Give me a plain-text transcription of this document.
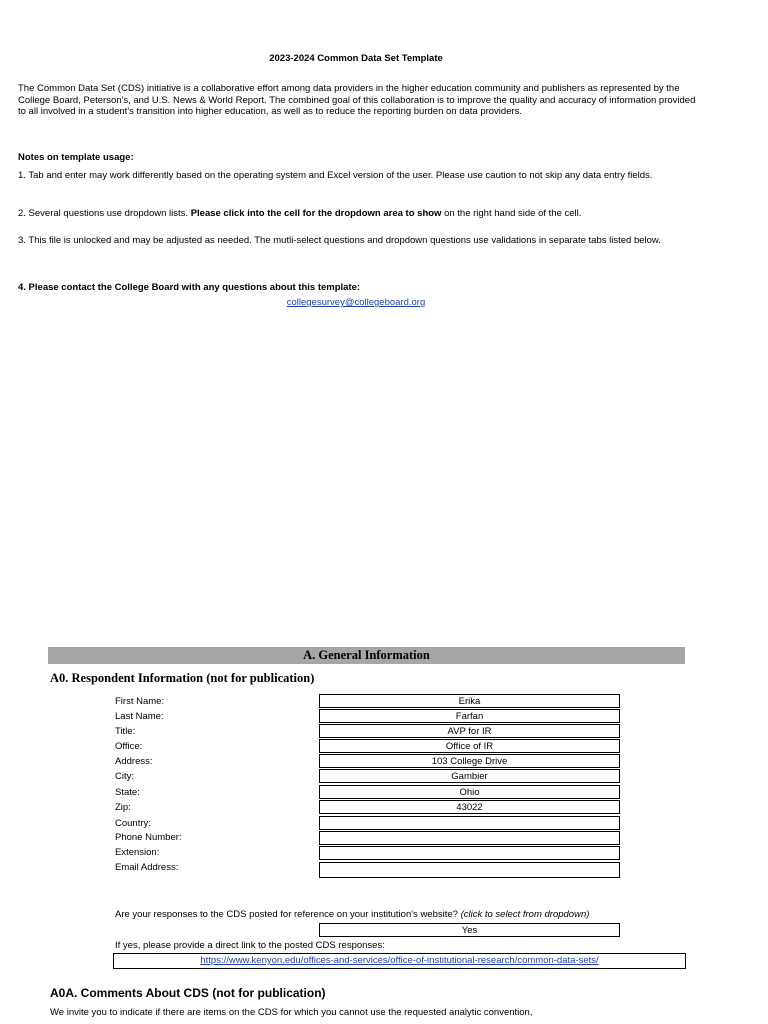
2023-2024 Common Data Set Template
The Common Data Set (CDS) initiative is a collaborative effort among data providers in the higher education community and publishers as represented by the College Board, Peterson's, and U.S. News & World Report. The combined goal of this collaboration is to improve the quality and accuracy of information provided to all involved in a student's transition into higher education, as well as to reduce the reporting burden on data providers.
Notes on template usage:
1. Tab and enter may work differently based on the operating system and Excel version of the user. Please use caution to not skip any data entry fields.
2. Several questions use dropdown lists. Please click into the cell for the dropdown area to show on the right hand side of the cell.
3. This file is unlocked and may be adjusted as needed. The mutli-select questions and dropdown questions use validations in separate tabs listed below.
4. Please contact the College Board with any questions about this template:
collegesurvey@collegeboard.org
A. General Information
A0. Respondent Information (not for publication)
First Name:	Erika
Last Name:	Farfan
Title:	AVP for IR
Office:	Office of IR
Address:	103 College Drive
City:	Gambier
State:	Ohio
Zip:	43022
Country:
Phone Number:
Extension:
Email Address:
Are your responses to the CDS posted for reference on your institution's website? (click to select from dropdown)
Yes
If yes, please provide a direct link to the posted CDS responses:
https://www.kenyon.edu/offices-and-services/office-of-institutional-research/common-data-sets/
A0A. Comments About CDS (not for publication)
We invite you to indicate if there are items on the CDS for which you cannot use the requested analytic convention,
